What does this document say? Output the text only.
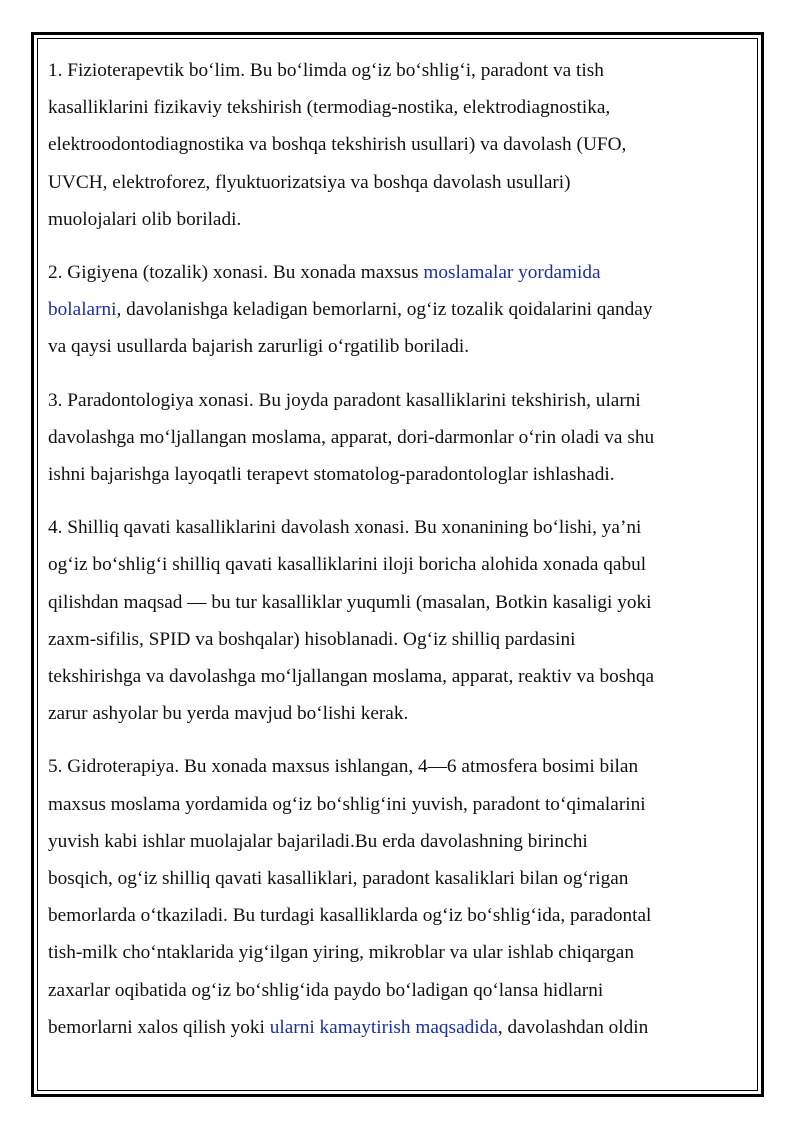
1. Fizioterapevtik bo‘lim. Bu bo‘limda og‘iz bo‘shlig‘i, paradont va tish
kasalliklarini fizikaviy tekshirish (termodiag-nostika, elektrodiagnostika,
elektroodontodiagnostika va boshqa tekshirish usullari) va davolash (UFO,
UVCH, elektroforez, flyuktuorizatsiya va boshqa davolash usullari)
muolojalari olib boriladi.

2. Gigiyena (tozalik) xonasi. Bu xonada maxsus moslamalar yordamida
bolalarni, davolanishga keladigan bemorlarni, og‘iz tozalik qoidalarini qanday
va qaysi usullarda bajarish zarurligi o‘rgatilib boriladi.

3. Paradontologiya xonasi. Bu joyda paradont kasalliklarini tekshirish, ularni
davolashga mo‘ljallangan moslama, apparat, dori-darmonlar o‘rin oladi va shu
ishni bajarishga layoqatli terapevt stomatolog-paradontologlar ishlashadi.

4. Shilliq qavati kasalliklarini davolash xonasi. Bu xonanining bo‘lishi, ya’ni
og‘iz bo‘shlig‘i shilliq qavati kasalliklarini iloji boricha alohida xonada qabul
qilishdan maqsad — bu tur kasalliklar yuqumli (masalan, Botkin kasaligi yoki
zaxm-sifilis, SPID va boshqalar) hisoblanadi. Og‘iz shilliq pardasini
tekshirishga va davolashga mo‘ljallangan moslama, apparat, reaktiv va boshqa
zarur ashyolar bu yerda mavjud bo‘lishi kerak.

5. Gidroterapiya. Bu xonada maxsus ishlangan, 4—6 atmosfera bosimi bilan
maxsus moslama yordamida og‘iz bo‘shlig‘ini yuvish, paradont to‘qimalarini
yuvish kabi ishlar muolajalar bajariladi.Bu erda davolashning birinchi
bosqich, og‘iz shilliq qavati kasalliklari, paradont kasaliklari bilan og‘rigan
bemorlarda o‘tkaziladi. Bu turdagi kasalliklarda og‘iz bo‘shlig‘ida, paradontal
tish-milk cho‘ntaklarida yig‘ilgan yiring, mikroblar va ular ishlab chiqargan
zaxarlar oqibatida og‘iz bo‘shlig‘ida paydo bo‘ladigan qo‘lansa hidlarni
bemorlarni xalos qilish yoki ularni kamaytirish maqsadida, davolashdan oldin
